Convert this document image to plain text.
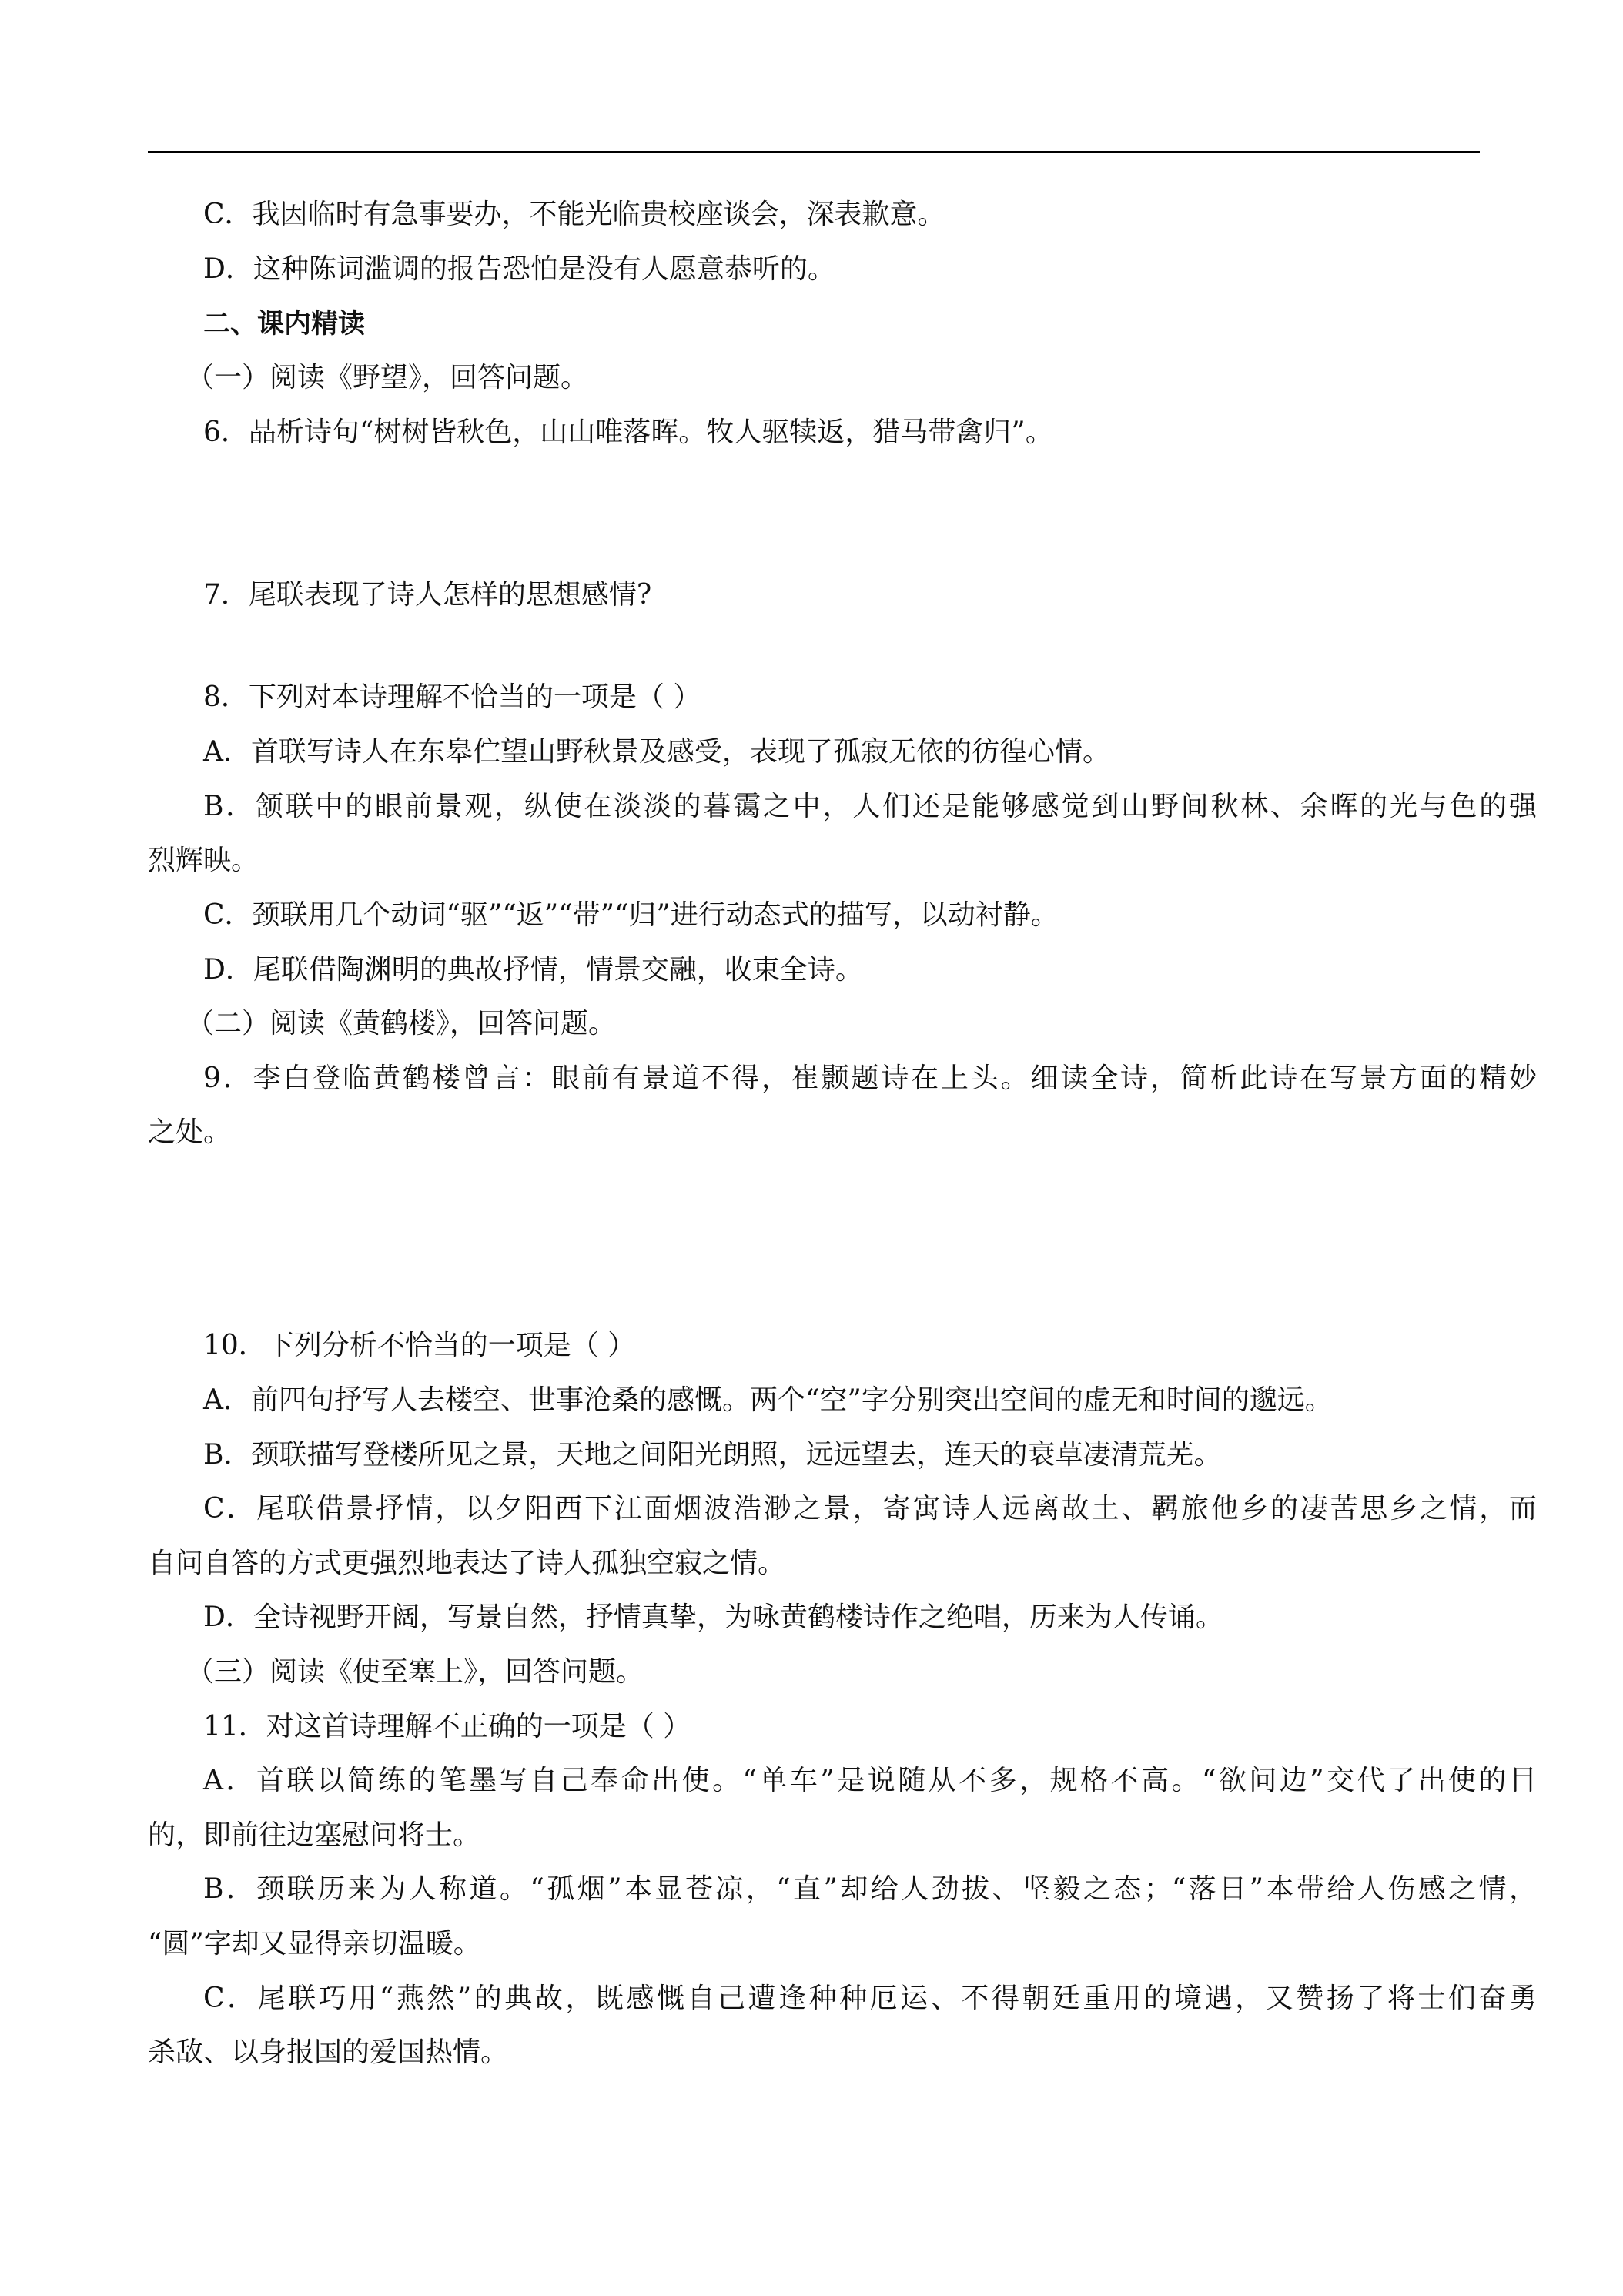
C．我因临时有急事要办，不能光临贵校座谈会，深表歉意。
D．这种陈词滥调的报告恐怕是没有人愿意恭听的。
二、课内精读
（一）阅读《野望》，回答问题。
6．品析诗句“树树皆秋色，山山唯落晖。牧人驱犊返，猎马带禽归”。
7．尾联表现了诗人怎样的思想感情?
8．下列对本诗理解不恰当的一项是（ ）
A．首联写诗人在东皋伫望山野秋景及感受，表现了孤寂无依的彷徨心情。
B．颔联中的眼前景观，纵使在淡淡的暮霭之中，人们还是能够感觉到山野间秋林、余晖的光与色的强
烈辉映。
C．颈联用几个动词“驱”“返”“带”“归”进行动态式的描写，以动衬静。
D．尾联借陶渊明的典故抒情，情景交融，收束全诗。
（二）阅读《黄鹤楼》，回答问题。
9．李白登临黄鹤楼曾言：眼前有景道不得，崔颢题诗在上头。细读全诗，简析此诗在写景方面的精妙
之处。
10．下列分析不恰当的一项是（ ）
A．前四句抒写人去楼空、世事沧桑的感慨。两个“空”字分别突出空间的虚无和时间的邈远。
B．颈联描写登楼所见之景，天地之间阳光朗照，远远望去，连天的衰草凄清荒芜。
C．尾联借景抒情，以夕阳西下江面烟波浩渺之景，寄寓诗人远离故土、羁旅他乡的凄苦思乡之情，而
自问自答的方式更强烈地表达了诗人孤独空寂之情。
D．全诗视野开阔，写景自然，抒情真挚，为咏黄鹤楼诗作之绝唱，历来为人传诵。
（三）阅读《使至塞上》，回答问题。
11．对这首诗理解不正确的一项是（ ）
A．首联以简练的笔墨写自己奉命出使。“单车”是说随从不多，规格不高。“欲问边”交代了出使的目
的，即前往边塞慰问将士。
B．颈联历来为人称道。“孤烟”本显苍凉，“直”却给人劲拔、坚毅之态；“落日”本带给人伤感之情，
“圆”字却又显得亲切温暖。
C．尾联巧用“燕然”的典故，既感慨自己遭逢种种厄运、不得朝廷重用的境遇，又赞扬了将士们奋勇
杀敌、以身报国的爱国热情。
